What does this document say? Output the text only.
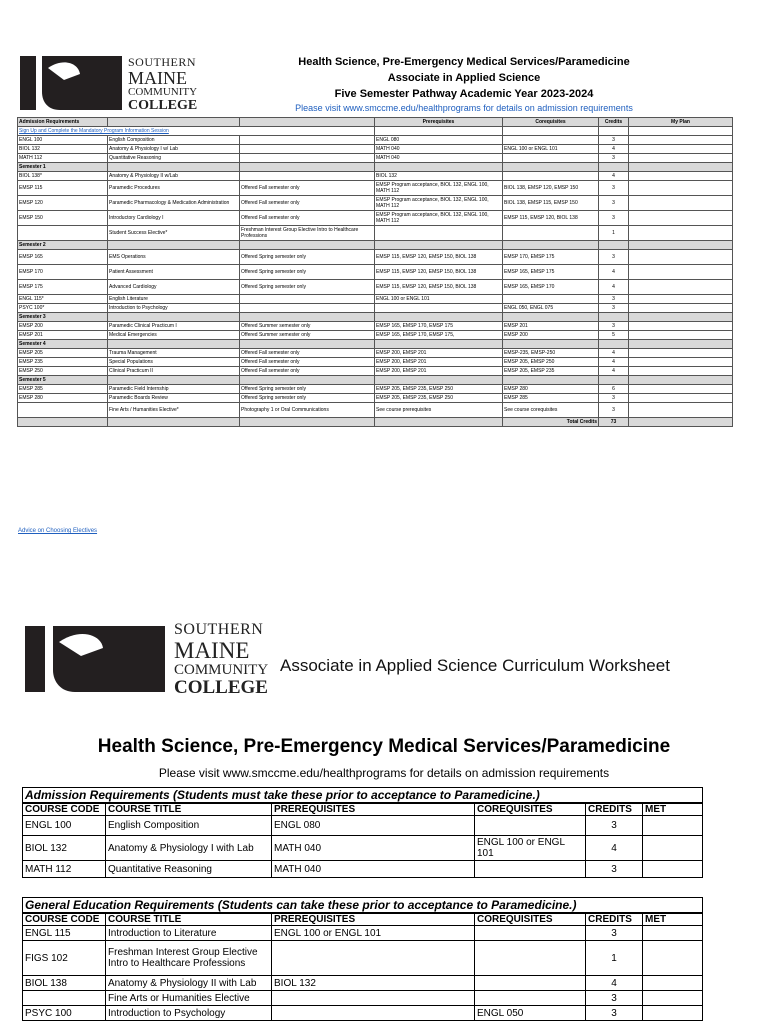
SOUTHERN
MAINE
COMMUNITY
COLLEGE
Health Science, Pre-Emergency Medical Services/Paramedicine
Associate in Applied Science
Five Semester Pathway Academic Year 2023-2024
Please visit www.smccme.edu/healthprograms for details on admission requirements
Admission Requirements			Prerequisites	Corequisites	Credits	My Plan
Sign Up and Complete the Mandatory Program Information Session						
ENGL 100	English Composition		ENGL 080		3	
BIOL 132	Anatomy & Physiology I w/ Lab		MATH 040	ENGL 100 or ENGL 101	4	
MATH 112	Quantitative Reasoning		MATH 040		3	
Semester 1						
BIOL 138*	Anatomy & Physiology II w/Lab		BIOL 132		4	
EMSP 115	Paramedic Procedures	Offered Fall semester only	EMSP Program acceptance, BIOL 132, ENGL 100, MATH 112	BIOL 138, EMSP 120, EMSP 150	3	
EMSP 120	Paramedic Pharmacology & Medication Administration	Offered Fall semester only	EMSP Program acceptance, BIOL 132, ENGL 100, MATH 112	BIOL 138, EMSP 115, EMSP 150	3	
EMSP 150	Introductory Cardiology I	Offered Fall semester only	EMSP Program acceptance, BIOL 132, ENGL 100, MATH 112	EMSP 115, EMSP 120, BIOL 138	3	
	Student Success Elective*	Freshman Interest Group Elective Intro to Healthcare Professions			1	
Semester 2						
EMSP 165	EMS Operations	Offered Spring semester only	EMSP 115, EMSP 120, EMSP 150, BIOL 138	EMSP 170, EMSP 175	3	
EMSP 170	Patient Assessment	Offered Spring semester only	EMSP 115, EMSP 120, EMSP 150, BIOL 138	EMSP 165, EMSP 175	4	
EMSP 175	Advanced Cardiology	Offered Spring semester only	EMSP 115, EMSP 120, EMSP 150, BIOL 138	EMSP 165, EMSP 170	4	
ENGL 115*	English Literature		ENGL 100 or ENGL 101		3	
PSYC 100*	Introduction to Psychology			ENGL 050, ENGL 075	3	
Semester 3						
EMSP 200	Paramedic Clinical Practicum I	Offered Summer semester only	EMSP 165, EMSP 170, EMSP 175	EMSP 201	3	
EMSP 201	Medical Emergencies	Offered Summer semester only	EMSP 165, EMSP 170, EMSP 175,	EMSP 200	5	
Semester 4						
EMSP 205	Trauma Management	Offered Fall semester only	EMSP 200, EMSP 201	EMSP-235, EMSP-250	4	
EMSP 235	Special Populations	Offered Fall semester only	EMSP 200, EMSP 201	EMSP 205, EMSP 250	4	
EMSP 250	Clinical Practicum II	Offered Fall semester only	EMSP 200, EMSP 201	EMSP 205, EMSP 235	4	
Semester 5						
EMSP 285	Paramedic Field Internship	Offered Spring semester only	EMSP 205, EMSP 235, EMSP 250	EMSP 280	6	
EMSP 280	Paramedic Boards Review	Offered Spring semester only	EMSP 205, EMSP 235, EMSP 250	EMSP 285	3	
	Fine Arts / Humanities Elective*	Photography 1 or Oral Communications	See course prerequisites	See course corequisites	3	
				Total Credits	73	
Advice on Choosing Electives
SOUTHERN
MAINE
COMMUNITY
COLLEGE
Associate in Applied Science Curriculum Worksheet
Health Science, Pre-Emergency Medical Services/Paramedicine
Please visit www.smccme.edu/healthprograms for details on admission requirements
Admission Requirements (Students must take these prior to acceptance to Paramedicine.)					
COURSE CODE	COURSE TITLE	PREREQUISITES	COREQUISITES	CREDITS	MET
ENGL 100	English Composition	ENGL 080		3	
BIOL 132	Anatomy & Physiology I with Lab	MATH 040	ENGL 100 or ENGL 101	4	
MATH 112	Quantitative Reasoning	MATH 040		3	
General Education Requirements (Students can take these prior to acceptance to Paramedicine.)					
COURSE CODE	COURSE TITLE	PREREQUISITES	COREQUISITES	CREDITS	MET
ENGL 115	Introduction to Literature	ENGL 100 or ENGL 101		3	
FIGS 102	Freshman Interest Group Elective Intro to Healthcare Professions			1	
BIOL 138	Anatomy & Physiology II with Lab	BIOL 132		4	
	Fine Arts or Humanities Elective			3	
PSYC 100	Introduction to Psychology		ENGL 050	3	
